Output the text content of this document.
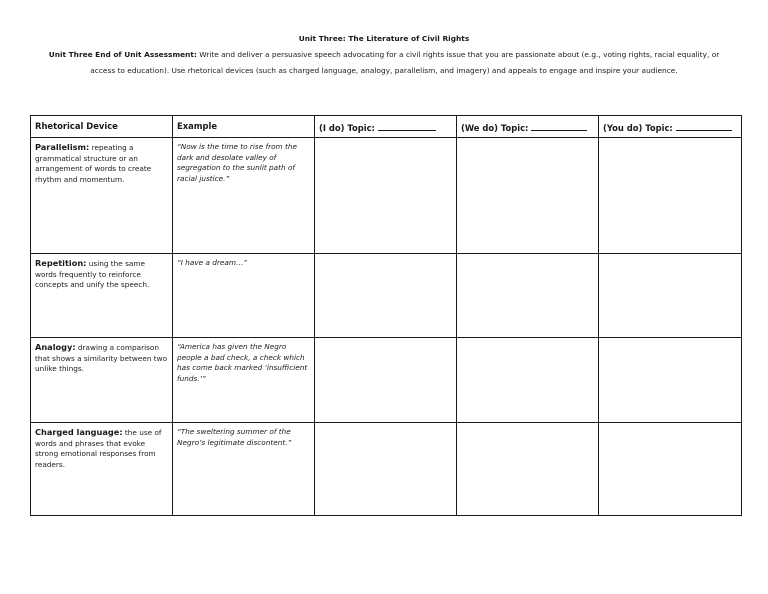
Unit Three: The Literature of Civil Rights

Unit Three End of Unit Assessment: Write and deliver a persuasive speech advocating for a civil rights issue that you are passionate about (e.g., voting rights, racial equality, or access to education). Use rhetorical devices (such as charged language, analogy, parallelism, and imagery) and appeals to engage and inspire your audience.

Rhetorical Device	Example	(I do) Topic:	(We do) Topic:	(You do) Topic:
Parallelism: repeating a grammatical structure or an arrangement of words to create rhythm and momentum.	“Now is the time to rise from the dark and desolate valley of segregation to the sunlit path of racial justice.”			
Repetition: using the same words frequently to reinforce concepts and unify the speech.	“I have a dream…”			
Analogy: drawing a comparison that shows a similarity between two unlike things.	“America has given the Negro people a bad check, a check which has come back marked ‘insufficient funds.’”			
Charged language: the use of words and phrases that evoke strong emotional responses from readers.	“The sweltering summer of the Negro’s legitimate discontent.”			
